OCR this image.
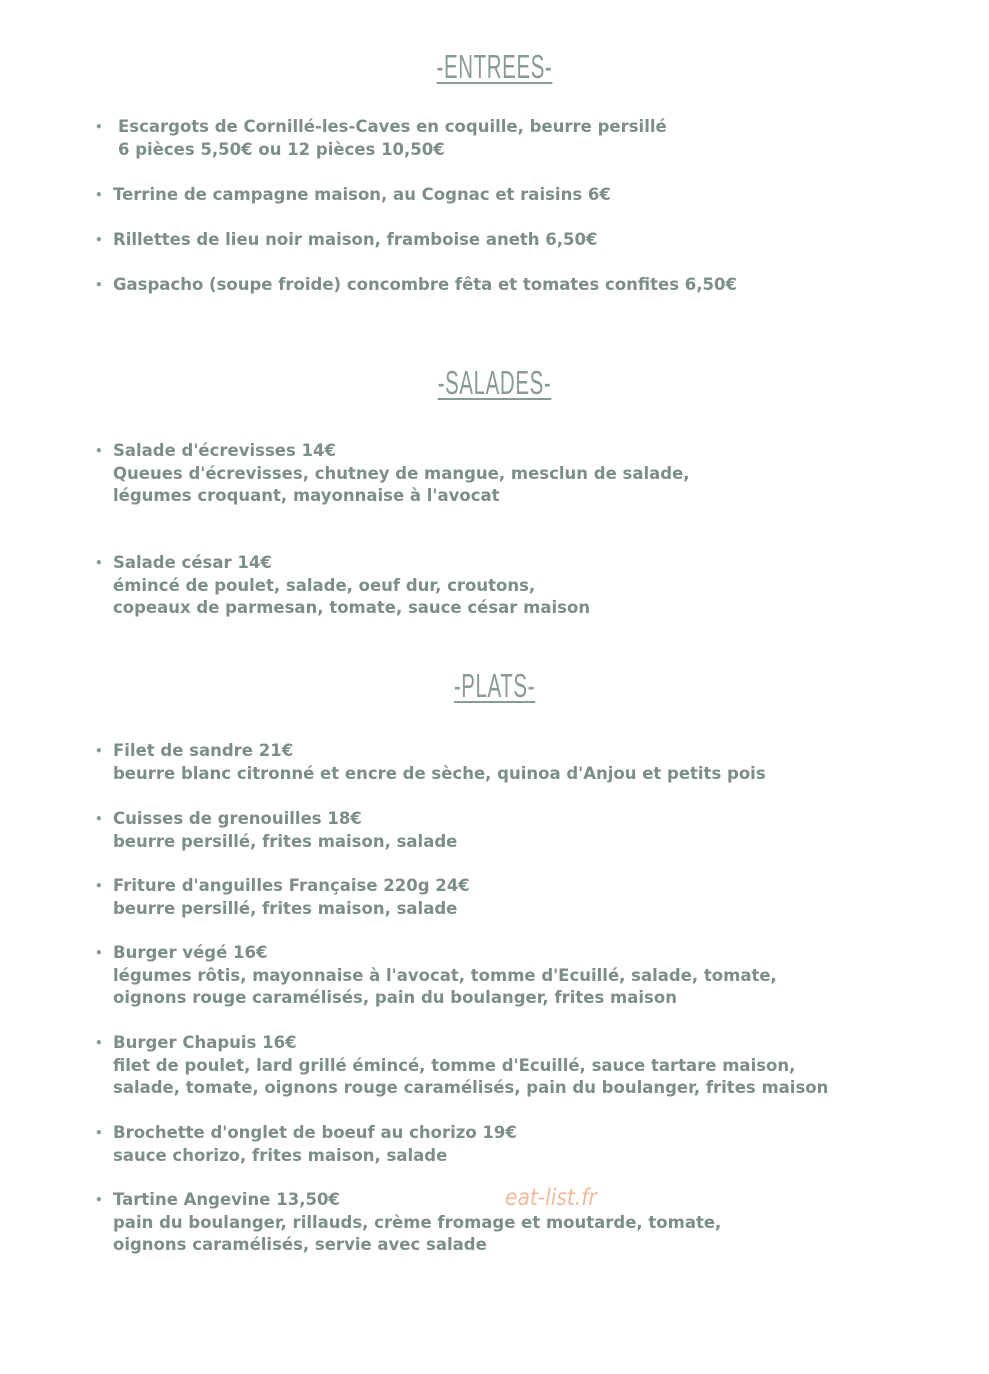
-ENTREES-
• Escargots de Cornillé-les-Caves en coquille, beurre persillé
6 pièces 5,50€ ou 12 pièces 10,50€
• Terrine de campagne maison, au Cognac et raisins 6€
• Rillettes de lieu noir maison, framboise aneth 6,50€
• Gaspacho (soupe froide) concombre fêta et tomates confites 6,50€
-SALADES-
• Salade d'écrevisses 14€
Queues d'écrevisses, chutney de mangue, mesclun de salade,
légumes croquant, mayonnaise à l'avocat
• Salade césar 14€
émincé de poulet, salade, oeuf dur, croutons,
copeaux de parmesan, tomate, sauce césar maison
-PLATS-
• Filet de sandre 21€
beurre blanc citronné et encre de sèche, quinoa d'Anjou et petits pois
• Cuisses de grenouilles 18€
beurre persillé, frites maison, salade
• Friture d'anguilles Française 220g 24€
beurre persillé, frites maison, salade
• Burger végé 16€
légumes rôtis, mayonnaise à l'avocat, tomme d'Ecuillé, salade, tomate,
oignons rouge caramélisés, pain du boulanger, frites maison
• Burger Chapuis 16€
filet de poulet, lard grillé émincé, tomme d'Ecuillé, sauce tartare maison,
salade, tomate, oignons rouge caramélisés, pain du boulanger, frites maison
• Brochette d'onglet de boeuf au chorizo 19€
sauce chorizo, frites maison, salade
• Tartine Angevine 13,50€
pain du boulanger, rillauds, crème fromage et moutarde, tomate,
oignons caramélisés, servie avec salade
eat-list.fr
